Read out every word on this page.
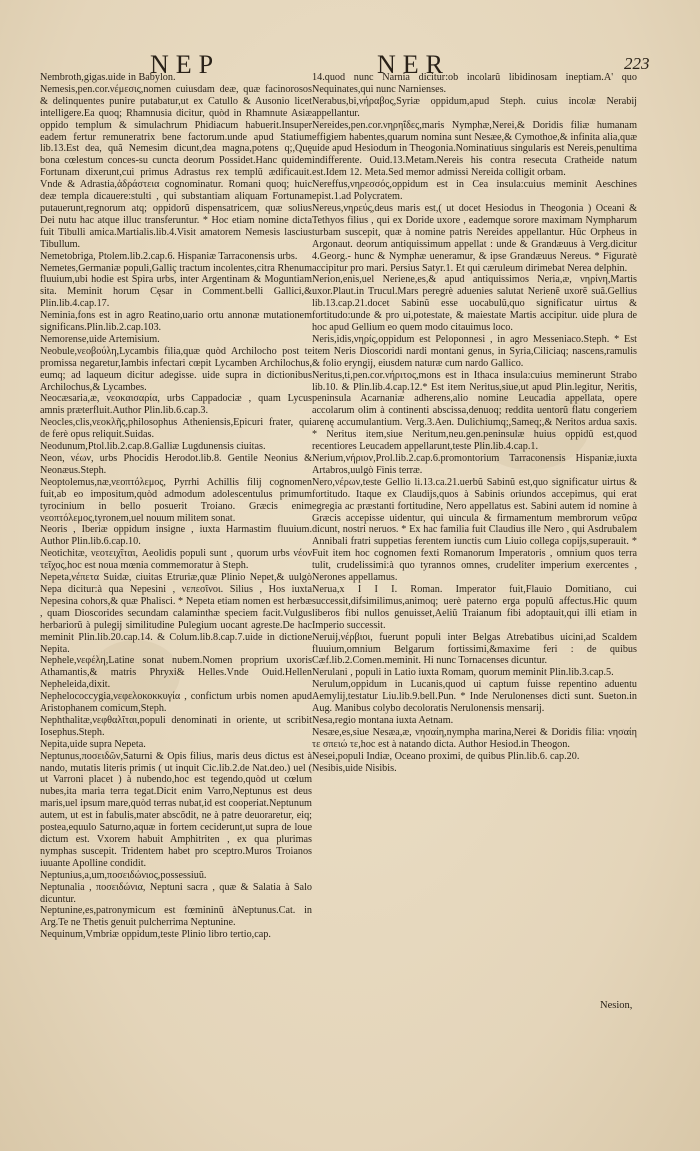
NEP	NER	223

Nembroth,gigas.uide in Babylon.

Nemesis,pen.cor.νέμεσις,nomen cuiusdam deæ, quæ facinorosos & delinquentes punire putabatur,ut ex Catullo & Ausonio licet intelligere.Ea quoq; Rhamnusia dicitur, quòd in Rhamnute Asiæ oppido templum & simulachrum Phidiacum habuerit.Insuper eadem fertur remuneratrix bene factorum.unde apud Statium lib.13.Est dea, quã Nemesim dicunt,dea magna,potens q;,Quę bona cœlestum conces-su cuncta deorum Possidet.Hanc quidem Fortunam dixerunt,cui primus Adrastus rex templũ ædificauit. Vnde & Adrastia,ἀδράστεια cognominatur. Romani quoq; huic deæ templa dicauere:stulti , qui substantiam aliquam Fortunam putauerunt,regnorum atq; oppidorũ dispensatricem, quæ solius Dei nutu hac atque illuc transferuntur. * Hoc etiam nomine dicta fuit Tibulli amica.Martialis.lib.4.Visit amatorem Nemesis lascius Tibullum.

Nemetobriga, Ptolem.lib.2.cap.6. Hispaniæ Tarraconensis urbs.

Nemetes,Germaniæ populi,Galliç tractum incolentes,citra Rhenum fluuium,ubi hodie est Spira urbs, inter Argentinam & Moguntiam sita. Meminit horum Cęsar in Comment.belli Gallici,& Plin.lib.4.cap.17.

Neminia,fons est in agro Reatino,uario ortu annonæ mutationem significans.Plin.lib.2.cap.103.

Nemorense,uide Artemisium.

Neobule,νεοβούλη,Lycambis filia,quæ quòd Archilocho post te promissa negaretur,Iambis infectari cœpit Lycamben Archilochus, eumq; ad laqueum dicitur adegisse. uide supra in dictionibus Archilochus,& Lycambes.

Neocæsaria,æ, νεοκαισαρία, urbs Cappadociæ , quam Lycus amnis præterfluit.Author Plin.lib.6.cap.3.

Neocles,clis,νεοκλῆς,philosophus Atheniensis,Epicuri frater, qui de ferè opus reliquit.Suidas.

Neodunum,Ptol.lib.2.cap.8.Galliæ Lugdunensis ciuitas.

Neon, νέων, urbs Phocidis Herodot.lib.8. Gentile Neonius & Neonæus.Steph.

Neoptolemus,næ,νεοπτόλεμος, Pyrrhi Achillis filij cognomen fuit,ab eo impositum,quòd admodum adolescentulus primum tyrocinium in bello posuerit Troiano. Græcis enim νεοπτόλεμος,tyronem,uel nouum militem sonat.

Neoris , Iberiæ oppidum insigne , iuxta Harmastim fluuium. Author Plin.lib.6.cap.10.

Neotichitæ, νεοτειχῖται, Aeolidis populi sunt , quorum urbs νέον τεῖχος,hoc est noua mœnia commemoratur à Steph.

Nepeta,νέπετα Suidæ, ciuitas Etruriæ,quæ Plinio Nepet,& uulgò Nepa dicitur:à qua Nepesini , νεπεσῖνοι. Silius , Hos iuxta Nepesina cohors,& quæ Phalisci. * Nepeta etiam nomen est herbæ , quam Dioscorides secundam calaminthæ speciem facit.Vulgus herbariorũ à pulegij similitudine Pulegium uocant agreste.De hac meminit Plin.lib.20.cap.14. & Colum.lib.8.cap.7.uide in dictione Nepita.

Nephele,νεφέλη,Latine sonat nubem.Nomen proprium uxoris Athamantis,& matris Phryxi& Helles.Vnde Ouid.Hellen Nepheleida,dixit.

Nephelococcygia,νεφελοκοκκυγία , confictum urbis nomen apud Aristophanem comicum,Steph.

Nephthalitæ,νεφθαλῖται,populi denominati in oriente, ut scribit Iosephus.Steph.

Nepita,uide supra Nepeta.

Neptunus,ποσειδῶν,Saturni & Opis filius, maris deus dictus est à nando, mutatis literis primis ( ut inquit Cic.lib.2.de Nat.deo.) uel ( ut Varroni placet ) à nubendo,hoc est tegendo,quòd ut cœlum nubes,ita maria terra tegat.Dicit enim Varro,Neptunus est deus maris,uel ipsum mare,quòd terras nubat,id est cooperiat.Neptunum autem, ut est in fabulis,mater abscõdit, ne à patre deuoraretur, eiq; postea,equulo Saturno,aquæ in fortem ceciderunt,ut supra de loue dictum est. Vxorem habuit Amphitriten , ex qua plurimas nymphas suscepit. Tridentem habet pro sceptro.Muros Troianos iuuante Apolline condidit.

Neptunius,a,um,ποσειδώνιος,possessiuũ.

Neptunalia , ποσειδώνια, Neptuni sacra , quæ & Salatia à Salo dicuntur.

Neptunine,es,patronymicum est fœmininũ àNeptunus.Cat. in Arg.Te ne Thetis genuit pulcherrima Neptunine.

Nequinum,Vmbriæ oppidum,teste Plinio libro tertio,cap.

14.quod nunc Narnia dicitur:ob incolarũ libidinosam ineptiam.A' quo Nequinates,qui nunc Narnienses.

Nerabus,bi,νήραβος,Syriæ oppidum,apud Steph. cuius incolæ Nerabij appellantur.

Nereides,pen.cor.νηρηΐδες,maris Nymphæ,Nerei,& Doridis filiæ humanam effigiem habentes,quarum nomina sunt Nesæe,& Cymothoe,& infinita alia,quæ uide apud Hesiodum in Theogonia.Nominatiuus singularis est Nereis,penultima indifferente. Ouid.13.Metam.Nereis his contra resecuta Cratheide natum est.Idem 12. Meta.Sed memor admissi Nereida colligit orbam.

Nereffus,νηρεσσός,oppidum est in Cea insula:cuius meminit Aeschines epist.1.ad Polycratem.

Nereus,νηρεύς,deus maris est,( ut docet Hesiodus in Theogonia ) Oceani & Tethyos filius , qui ex Doride uxore , eademque sorore maximam Nympharum turbam suscepit, quæ à nomine patris Nereides appellantur. Hũc Orpheus in Argonaut. deorum antiquissimum appellat : unde & Grandæuus à Verg.dicitur 4.Georg.- hunc & Nymphæ ueneramur, & ipse Grandæuus Nereus. * Figuratè accipitur pro mari. Persius Satyr.1. Et qui cæruleum dirimebat Nerea delphin.

Nerion,enis,uel Neriene,es,& apud antiquissimos Neria,æ, νηρίνη,Martis uxor.Plaut.in Trucul.Mars peregrè aduenies salutat Nerienẽ uxorẽ suã.Gellius lib.13.cap.21.docet Sabinũ esse uocabulũ,quo significatur uirtus & fortitudo:unde & pro ui,potestate, & maiestate Martis accipitur. uide plura de hoc apud Gellium eo quem modo citauimus loco.

Neris,idis,νηρίς,oppidum est Peloponnesi , in agro Messeniaco.Steph. * Est item Neris Dioscoridi nardi montani genus, in Syria,Ciliciaq; nascens,ramulis & folio eryngij, eiusdem naturæ cum nardo Gallico.

Neritus,ti,pen.cor.νήριτος,mons est in Ithaca insula:cuius meminerunt Strabo lib.10. & Plin.lib.4.cap.12.* Est item Neritus,siue,ut apud Plin.legitur, Neritis, peninsula Acarnaniæ adherens,alio nomine Leucadia appellata, opere accolarum olim à continenti abscissa,denuoq; reddita uentorũ flatu congeriem arenę accumulantium. Verg.3.Aen. Dulichiumq;,Sameq;,& Neritos ardua saxis. * Neritus item,siue Neritum,neu.gen.peninsulæ huius oppidũ est,quod recentiores Leucadem appellarunt,teste Plin.lib.4.cap.1.

Nerium,νήριον,Prol.lib.2.cap.6.promontorium Tarraconensis Hispaniæ,iuxta Artabros,uulgò Finis terræ.

Nero,νέρων,teste Gellio li.13.ca.21.uerbũ Sabinũ est,quo significatur uirtus & fortitudo. Itaque ex Claudijs,quos à Sabinis oriundos accepimus, qui erat egregia ac præstanti fortitudine, Nero appellatus est. Sabini autem id nomine à Græcis accepisse uidentur, qui uincula & firmamentum membrorum νεῦρα dicunt, nostri neruos. * Ex hac familia fuit Claudius ille Nero , qui Asdrubalem Annibali fratri suppetias ferentem iunctis cum Liuio collega copijs,superauit. * Fuit item hoc cognomen fexti Romanorum Imperatoris , omnium quos terra tulit, crudelissimi:à quo tyrannos omnes, crudeliter imperium exercentes , Nerones appellamus.

Nerua,x I I I. Roman. Imperator fuit,Flauio Domitiano, cui successit,difsimilimus,animoq; uerè paterno erga populũ affectus.Hic quum liberos fibi nullos genuisset,Aeliũ Traianum fibi adoptauit,qui illi etiam in Imperio successit.

Neruij,νέρβιοι, fuerunt populi inter Belgas Atrebatibus uicini,ad Scaldem fluuium,omnium Belgarum fortissimi,&maxime feri : de quibus Cæf.lib.2.Comen.meminit. Hi nunc Tornacenses dicuntur.

Nerulani , populi in Latio iuxta Romam, quorum meminit Plin.lib.3.cap.5.

Nerulum,oppidum in Lucanis,quod ui captum fuisse repentino aduentu Aemylij,testatur Liu.lib.9.bell.Pun. * Inde Nerulonenses dicti sunt. Sueton.in Aug. Manibus colybo decoloratis Nerulonensis mensarij.

Nesa,regio montana iuxta Aetnam.

Nesæe,es,siue Nesæa,æ, νησαίη,nympha marina,Nerei & Doridis filia: νησαίη τε σπειώ τε,hoc est à natando dicta. Author Hesiod.in Theogon.

Nesei,populi Indiæ, Oceano proximi, de quibus Plin.lib.6. cap.20.

Nesibis,uide Nisibis.

Nesion,
